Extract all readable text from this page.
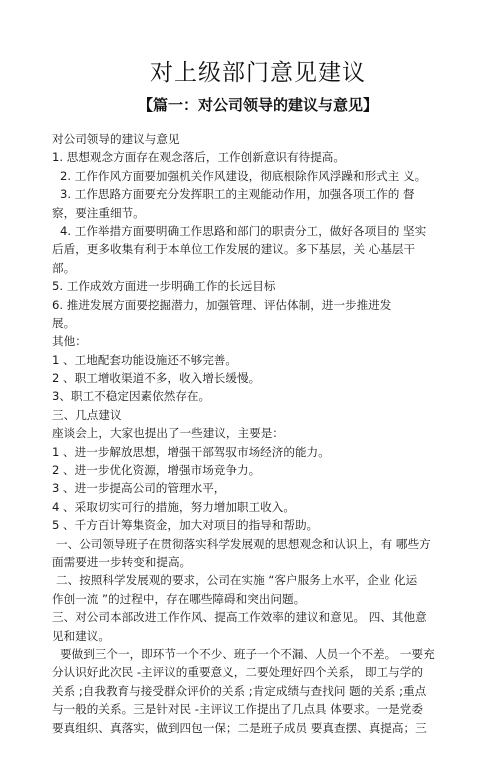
对上级部门意见建议
【篇一：对公司领导的建议与意见】
对公司领导的建议与意见
1. 思想观念方面存在观念落后，工作创新意识有待提高。
2. 工作作风方面要加强机关作风建设，彻底根除作风浮躁和形式主 义。
3. 工作思路方面要充分发挥职工的主观能动作用，加强各项工作的 督
察，要注重细节。
4. 工作举措方面要明确工作思路和部门的职责分工，做好各项目的 坚实
后盾，更多收集有利于本单位工作发展的建议。多下基层，关 心基层干
部。
5. 工作成效方面进一步明确工作的长远目标
6. 推进发展方面要挖掘潜力，加强管理、评估体制，进一步推进发
展。
其他：
1 、工地配套功能设施还不够完善。
2 、职工增收渠道不多，收入增长缓慢。
3、职工不稳定因素依然存在。
三、几点建议
座谈会上，大家也提出了一些建议，主要是：
1 、进一步解放思想，增强干部驾驭市场经济的能力。
2 、进一步优化资源，增强市场竞争力。
3 、进一步提高公司的管理水平，
4 、采取切实可行的措施，努力增加职工收入。
5 、千方百计筹集资金，加大对项目的指导和帮助。
一、公司领导班子在贯彻落实科学发展观的思想观念和认识上，有 哪些方
面需要进一步转变和提高。
二、按照科学发展观的要求，公司在实施 “客户服务上水平，企业 化运
作创一流 ”的过程中，存在哪些障碍和突出问题。
三、对公司本部改进工作作风、提高工作效率的建议和意见。 四、其他意
见和建议。
要做到三个一，即环节一个不少、班子一个不漏、人员一个不差。 一要充
分认识好此次民 -主评议的重要意义，二要处理好四个关系， 即工与学的
关系 ;自我教育与接受群众评价的关系 ;肯定成绩与查找问 题的关系 ;重点
与一般的关系。三是针对民 -主评议工作提出了几点具 体要求。一是党委
要真组织、真落实，做到四包一保；二是班子成员 要真查摆、真提高；三
